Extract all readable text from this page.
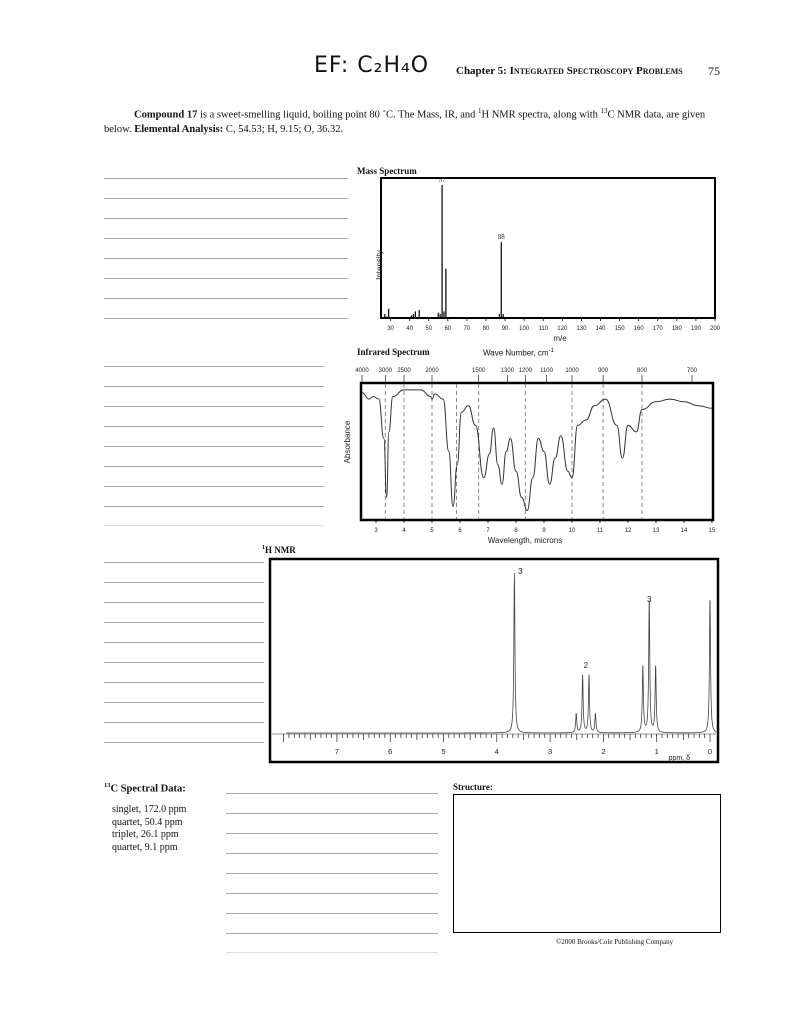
EF: C₂H₄O Chapter 5: Integrated Spectroscopy Problems 75
Compound 17 is a sweet-smelling liquid, boiling point 80 ˚C. The Mass, IR, and $^1$H NMR spectra, along with $^{13}$C NMR data, are given below. Elemental Analysis: C, 54.53; H, 9.15; O, 36.32.
Mass Spectrum
Intensity
30 40 50 60 70 80 90 100 110 120 130 140 150 160 170 180 190 200
57
88
m/e
Infrared Spectrum	Wave Number, $cm^{-1}$
Absorbance
4000 3000 2500 2000	1500	1300 1200 1100 1000	900	800	700
3	4	5	6	7	8	9	10	11	12	13	14	15
Wavelength, microns
$^1$H NMR
7	6	5	4	3	2	1	0
3
2
3
ppm, δ
$^{13}$C Spectral Data:
singlet, 172.0 ppm
quartet, 50.4 ppm
triplet, 26.1 ppm
quartet, 9.1 ppm
Structure:
©2000 Brooks/Cole Publishing Company
